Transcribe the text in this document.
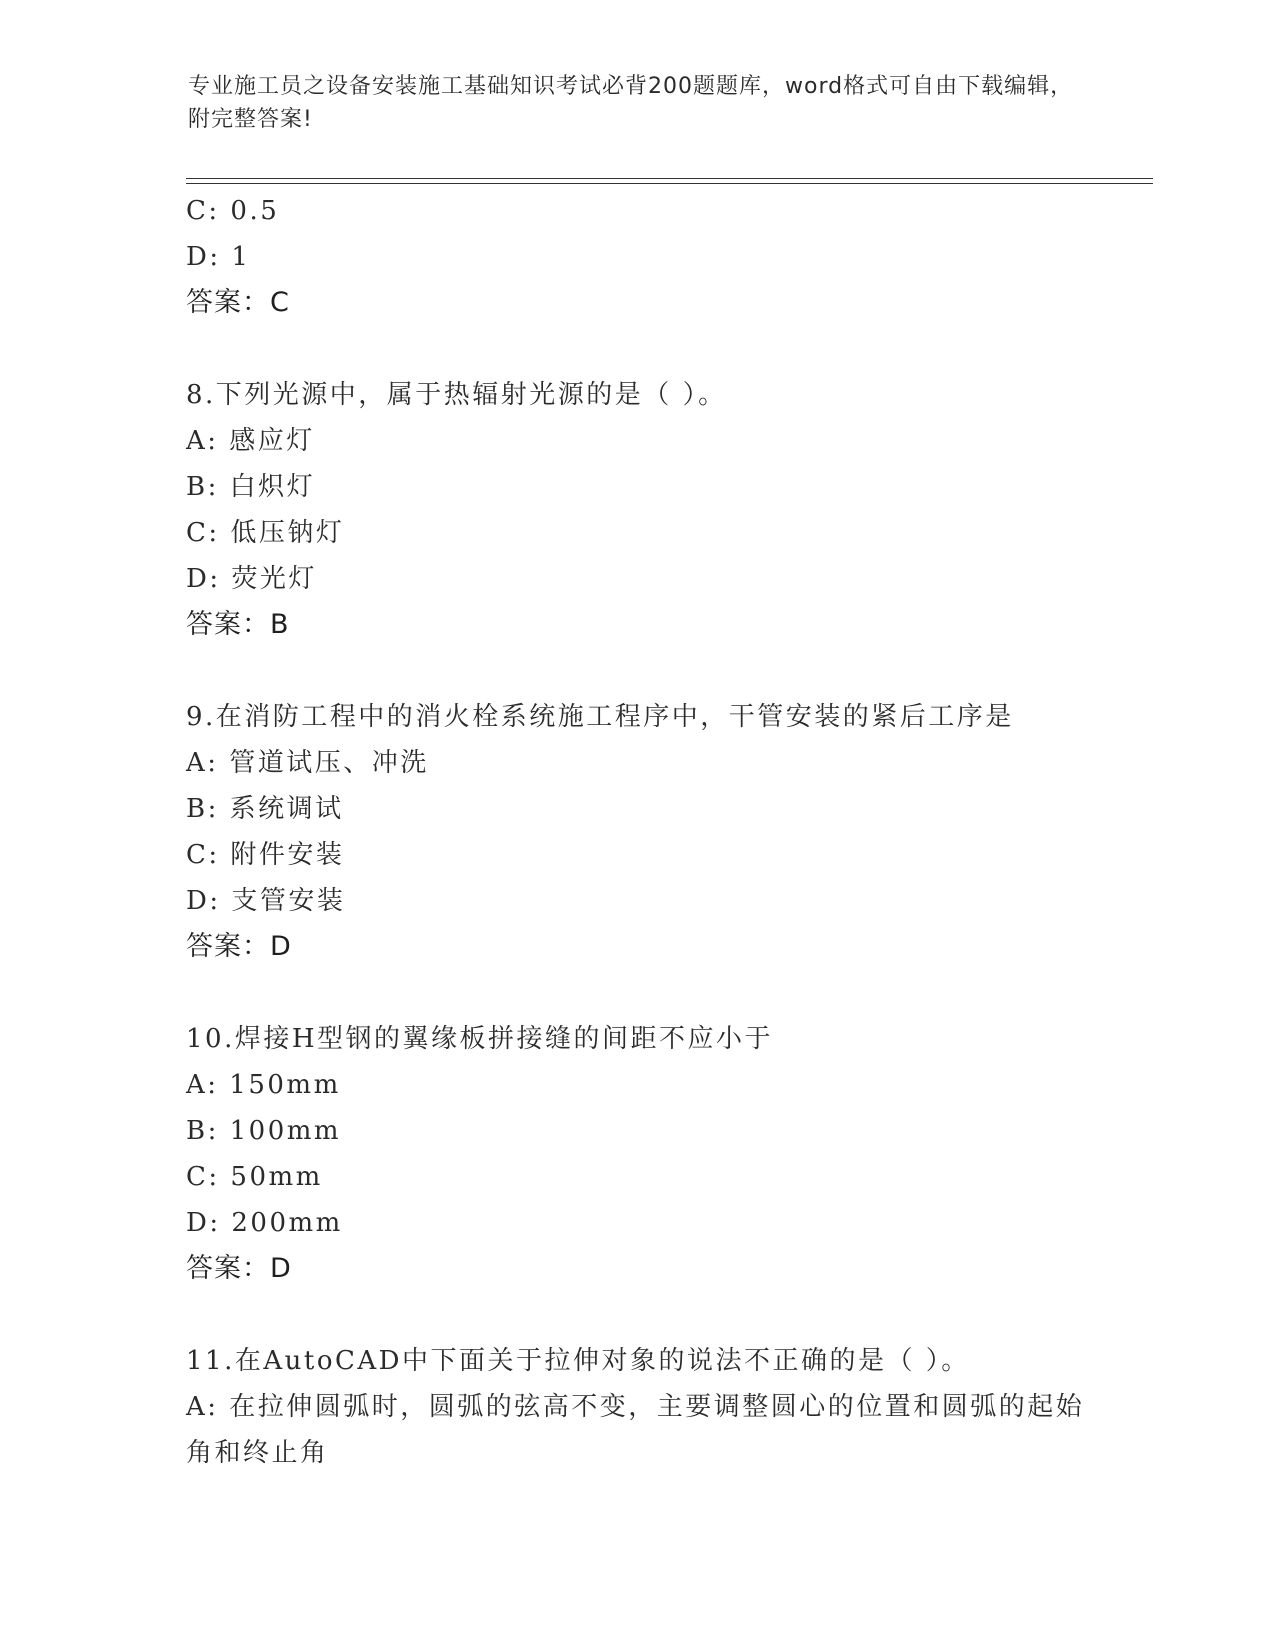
专业施工员之设备安装施工基础知识考试必背200题题库，word格式可自由下载编辑，附完整答案!
C: 0.5
D: 1
答案：C
8.下列光源中，属于热辐射光源的是（ ）。
A: 感应灯
B: 白炽灯
C: 低压钠灯
D: 荧光灯
答案：B
9.在消防工程中的消火栓系统施工程序中，干管安装的紧后工序是
A: 管道试压、冲洗
B: 系统调试
C: 附件安装
D: 支管安装
答案：D
10.焊接H型钢的翼缘板拼接缝的间距不应小于
A: 150mm
B: 100mm
C: 50mm
D: 200mm
答案：D
11.在AutoCAD中下面关于拉伸对象的说法不正确的是（ ）。
A: 在拉伸圆弧时，圆弧的弦高不变，主要调整圆心的位置和圆弧的起始角和终止角
